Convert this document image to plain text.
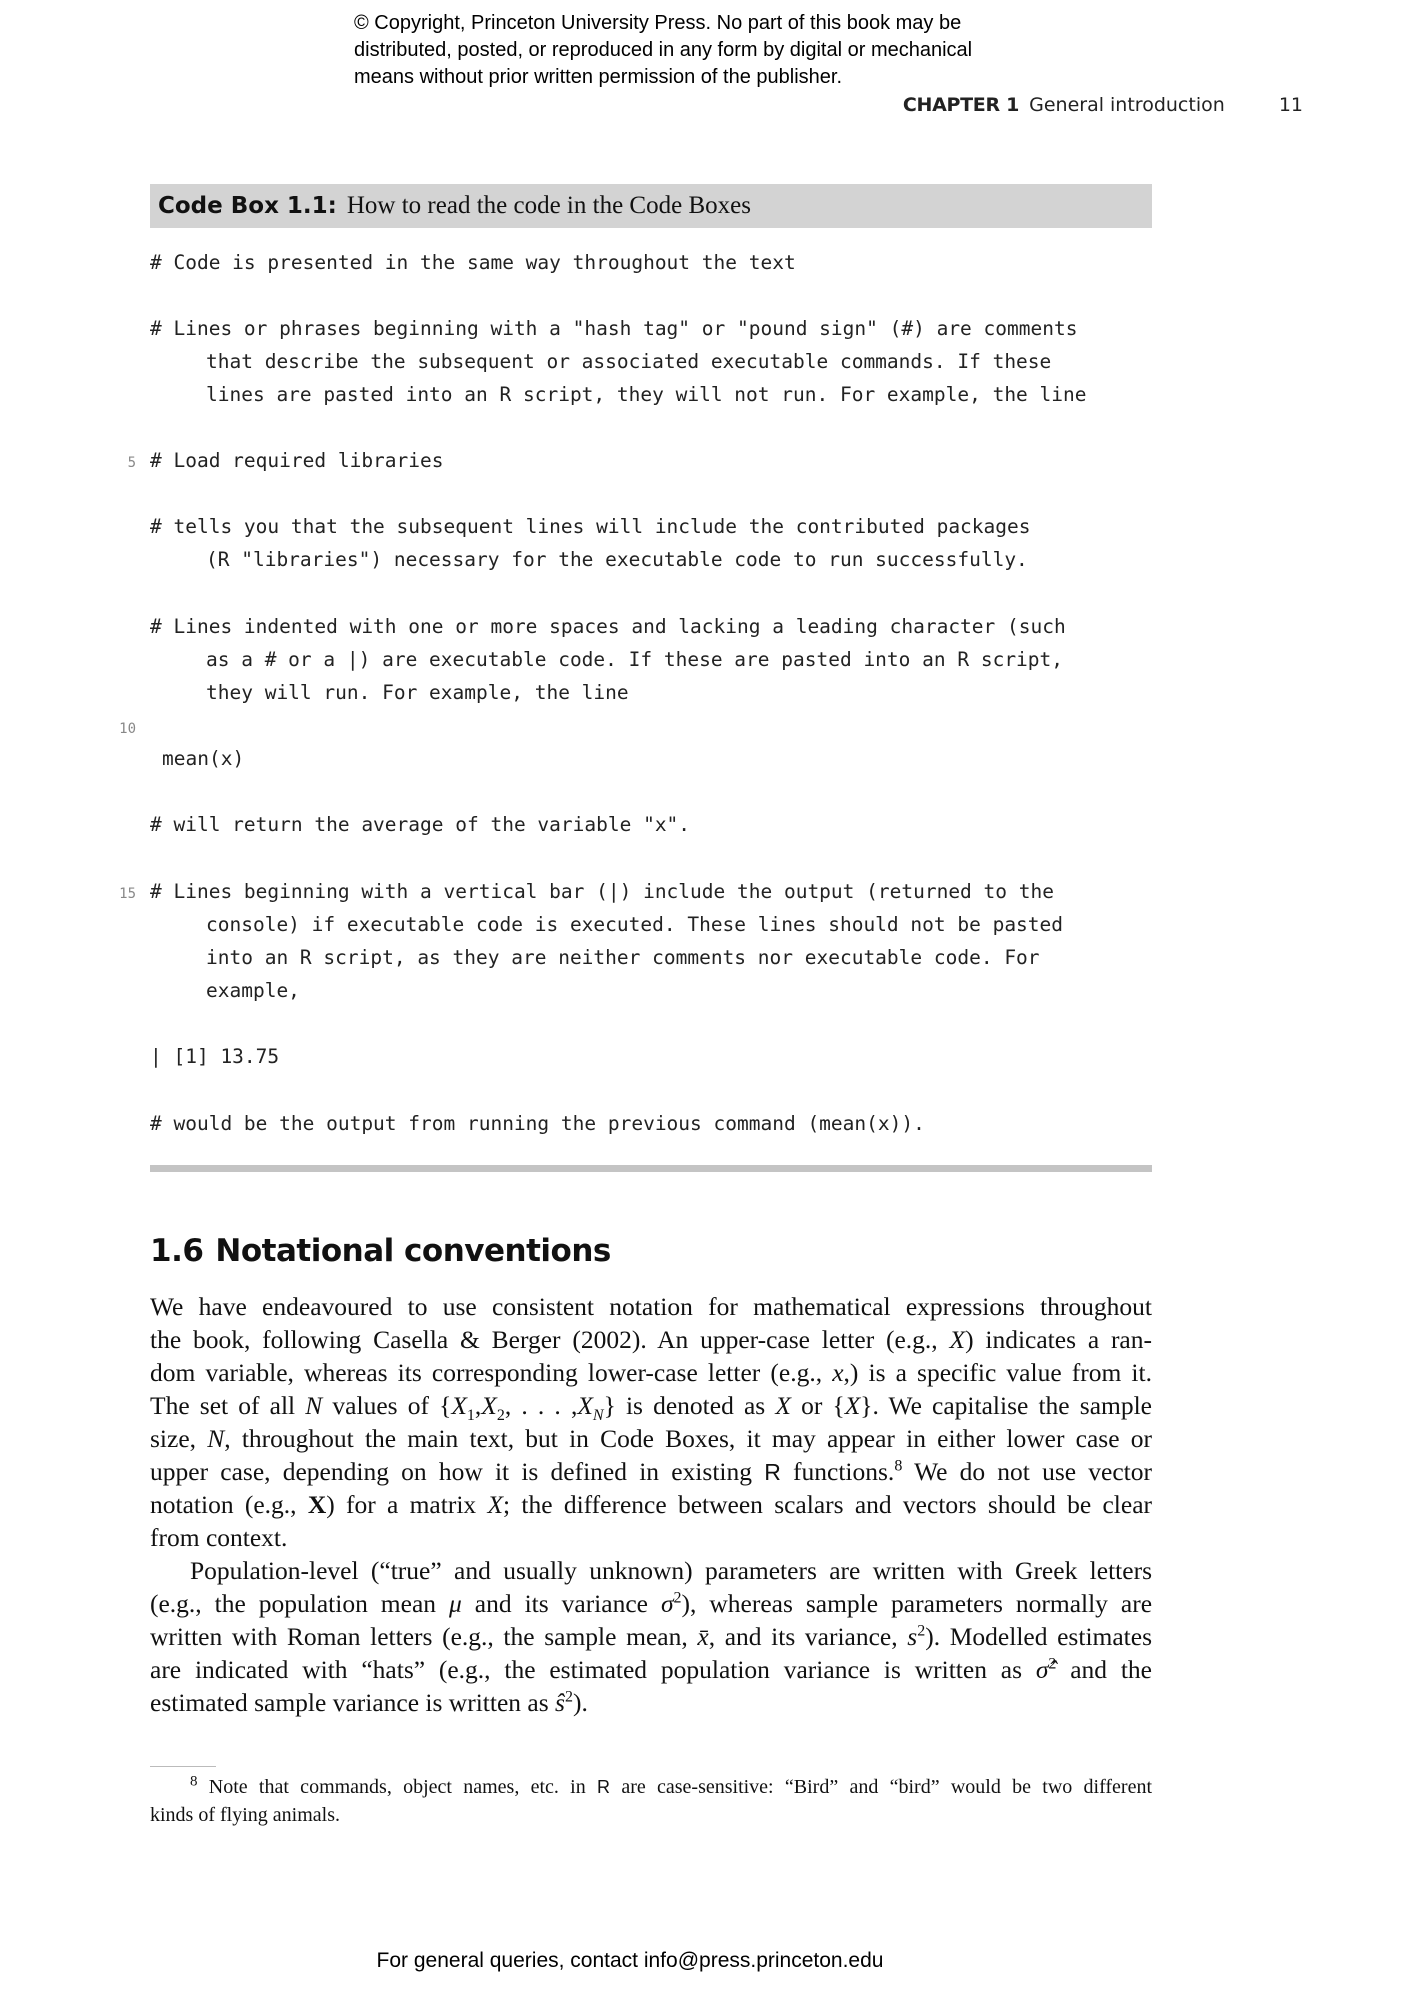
© Copyright, Princeton University Press. No part of this book may be
distributed, posted, or reproduced in any form by digital or mechanical
means without prior written permission of the publisher.
CHAPTER 1 General introduction	11
Code Box 1.1: How to read the code in the Code Boxes
# Code is presented in the same way throughout the text
# Lines or phrases beginning with a "hash tag" or "pound sign" (#) are comments
that describe the subsequent or associated executable commands. If these
lines are pasted into an R script, they will not run. For example, the line
5 # Load required libraries
# tells you that the subsequent lines will include the contributed packages
(R "libraries") necessary for the executable code to run successfully.
# Lines indented with one or more spaces and lacking a leading character (such
as a # or a |) are executable code. If these are pasted into an R script,
they will run. For example, the line
10
mean(x)
# will return the average of the variable "x".
15 # Lines beginning with a vertical bar (|) include the output (returned to the
console) if executable code is executed. These lines should not be pasted
into an R script, as they are neither comments nor executable code. For
example,
| [1] 13.75
# would be the output from running the previous command (mean(x)).
1.6 Notational conventions
We have endeavoured to use consistent notation for mathematical expressions throughout
the book, following Casella & Berger (2002). An upper-case letter (e.g., X) indicates a ran-
dom variable, whereas its corresponding lower-case letter (e.g., x,) is a specific value from it.
The set of all N values of {$X_1,X_2$, . . . $,X_N$} is denoted as X or {X}. We capitalise the sample
size, N, throughout the main text, but in Code Boxes, it may appear in either lower case or
upper case, depending on how it is defined in existing R functions.$^8$ We do not use vector
notation (e.g., X) for a matrix X; the difference between scalars and vectors should be clear
from context.
Population-level (“true” and usually unknown) parameters are written with Greek letters
(e.g., the population mean μ and its variance $\sigma^2$), whereas sample parameters normally are
written with Roman letters (e.g., the sample mean, x̄, and its variance, $s^2$). Modelled estimates
are indicated with “hats” (e.g., the estimated population variance is written as σ̂$^2$ and the
estimated sample variance is written as $ŝ^2$).
$^8$ Note that commands, object names, etc. in R are case-sensitive: “Bird” and “bird” would be two different
kinds of flying animals.
For general queries, contact info@press.princeton.edu
